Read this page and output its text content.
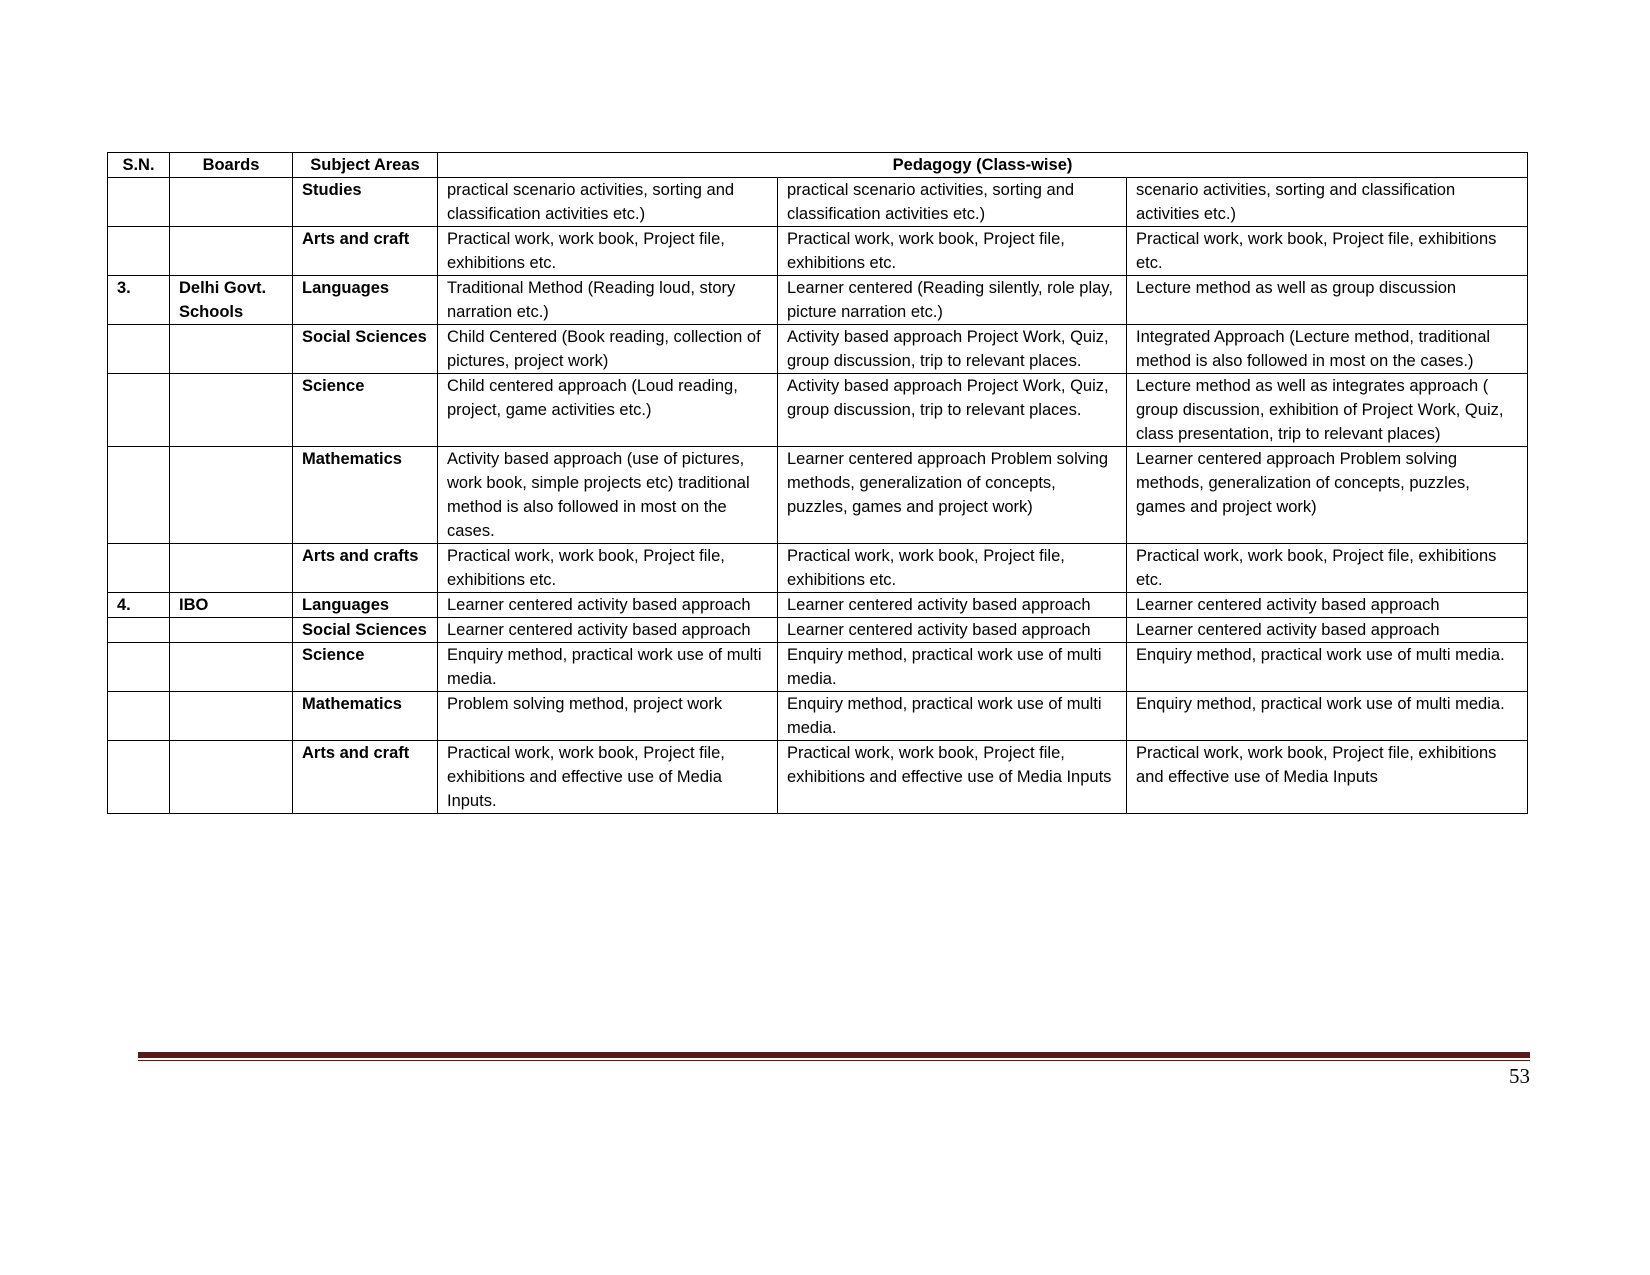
S.N.	Boards	Subject Areas	Pedagogy (Class-wise)		
		Studies	practical scenario activities, sorting and classification activities etc.)	practical scenario activities, sorting and classification activities etc.)	scenario activities, sorting and classification activities etc.)
		Arts and craft	Practical work, work book, Project file, exhibitions etc.	Practical work, work book, Project file, exhibitions etc.	Practical work, work book, Project file, exhibitions etc.
3.	Delhi Govt. Schools	Languages	Traditional Method (Reading loud, story narration etc.)	Learner centered (Reading silently, role play, picture narration etc.)	Lecture method as well as group discussion
		Social Sciences	Child Centered (Book reading, collection of pictures, project work)	Activity based approach Project Work, Quiz, group discussion, trip to relevant places.	Integrated Approach (Lecture method, traditional method is also followed in most on the cases.)
		Science	Child centered approach (Loud reading, project, game activities etc.)	Activity based approach Project Work, Quiz, group discussion, trip to relevant places.	Lecture method as well as integrates approach ( group discussion, exhibition of Project Work, Quiz, class presentation, trip to relevant places)
		Mathematics	Activity based approach (use of pictures, work book, simple projects etc) traditional method is also followed in most on the cases.	Learner centered approach Problem solving methods, generalization of concepts, puzzles, games and project work)	Learner centered approach Problem solving methods, generalization of concepts, puzzles, games and project work)
		Arts and crafts	Practical work, work book, Project file, exhibitions etc.	Practical work, work book, Project file, exhibitions etc.	Practical work, work book, Project file, exhibitions etc.
4.	IBO	Languages	Learner centered activity based approach	Learner centered activity based approach	Learner centered activity based approach
		Social Sciences	Learner centered activity based approach	Learner centered activity based approach	Learner centered activity based approach
		Science	Enquiry method, practical work use of multi media.	Enquiry method, practical work use of multi media.	Enquiry method, practical work use of multi media.
		Mathematics	Problem solving method, project work	Enquiry method, practical work use of multi media.	Enquiry method, practical work use of multi media.
		Arts and craft	Practical work, work book, Project file, exhibitions and effective use of Media Inputs.	Practical work, work book, Project file, exhibitions and effective use of Media Inputs	Practical work, work book, Project file, exhibitions and effective use of Media Inputs
53
